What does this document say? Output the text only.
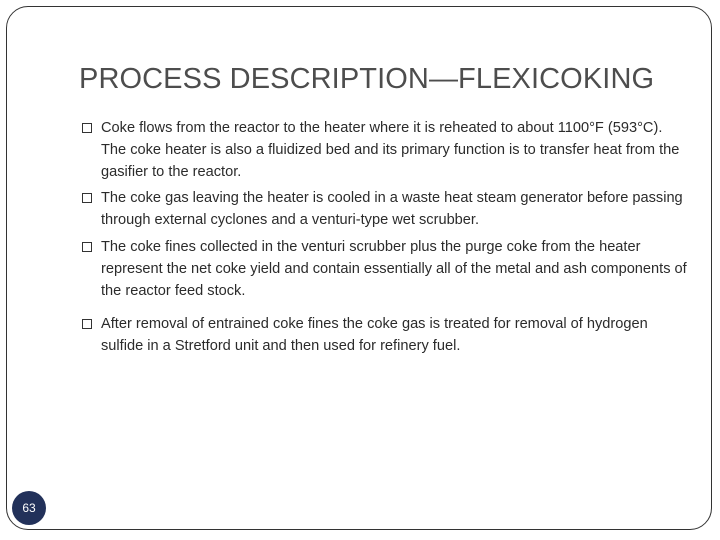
PROCESS DESCRIPTION—FLEXICOKING
Coke flows from the reactor to the heater where it is reheated to about 1100°F (593°C). The coke heater is also a fluidized bed and its primary function is to transfer heat from the gasifier to the reactor.
The coke gas leaving the heater is cooled in a waste heat steam generator before passing through external cyclones and a venturi-type wet scrubber.
The coke fines collected in the venturi scrubber plus the purge coke from the heater represent the net coke yield and contain essentially all of the metal and ash components of the reactor feed stock.
After removal of entrained coke fines the coke gas is treated for removal of hydrogen sulfide in a Stretford unit and then used for refinery fuel.
63
